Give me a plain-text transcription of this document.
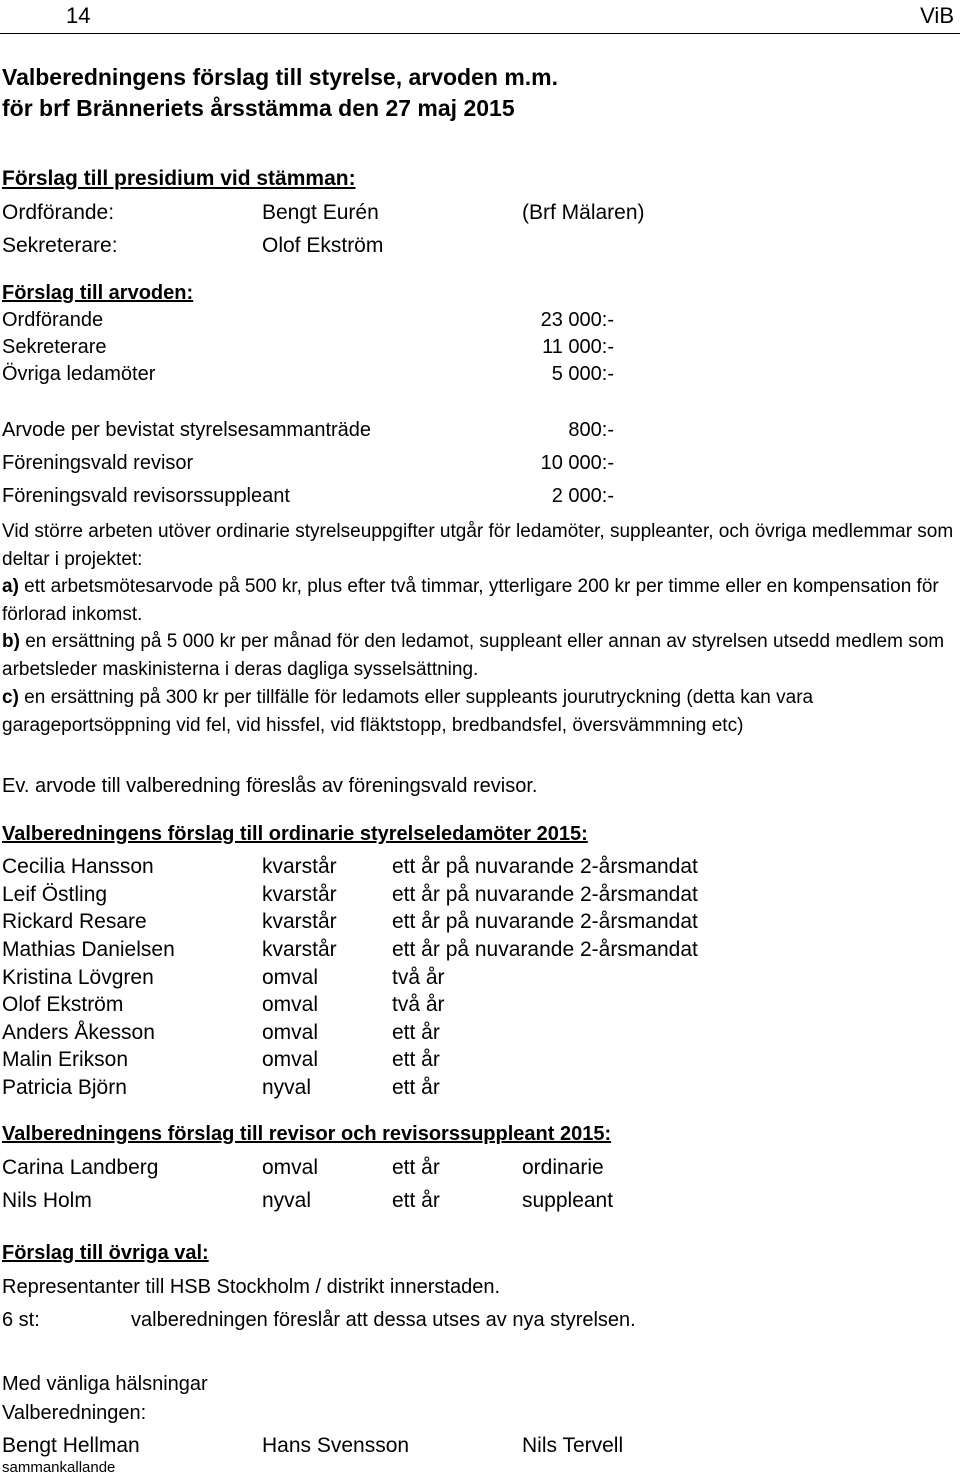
14	ViB
Valberedningens förslag till styrelse, arvoden m.m.
för brf Bränneriets årsstämma den 27 maj 2015
Förslag till presidium vid stämman:
Ordförande:	Bengt Eurén	(Brf Mälaren)
Sekreterare:	Olof Ekström
Förslag till arvoden:
Ordförande	23 000:-
Sekreterare	11 000:-
Övriga ledamöter	5 000:-
Arvode per bevistat styrelsesammanträde	800:-
Föreningsvald revisor	10 000:-
Föreningsvald revisorssuppleant	2 000:-
Vid större arbeten utöver ordinarie styrelseuppgifter utgår för ledamöter, suppleanter, och övriga medlemmar som deltar i projektet:
a) ett arbetsmötesarvode på 500 kr, plus efter två timmar, ytterligare 200 kr per timme eller en kompensation för förlorad inkomst.
b) en ersättning på 5 000 kr per månad för den ledamot, suppleant eller annan av styrelsen utsedd medlem som arbetsleder maskinisterna i deras dagliga sysselsättning.
c) en ersättning på 300 kr per tillfälle för ledamots eller suppleants jourutryckning (detta kan vara garageportsöppning vid fel, vid hissfel, vid fläktstopp, bredbandsfel, översvämmning etc)
Ev. arvode till valberedning föreslås av föreningsvald revisor.
Valberedningens förslag till ordinarie styrelseledamöter 2015:
Cecilia Hansson	kvarstår	ett år på nuvarande 2-årsmandat
Leif Östling	kvarstår	ett år på nuvarande 2-årsmandat
Rickard Resare	kvarstår	ett år på nuvarande 2-årsmandat
Mathias Danielsen	kvarstår	ett år på nuvarande 2-årsmandat
Kristina Lövgren	omval	två år
Olof Ekström	omval	två år
Anders Åkesson	omval	ett år
Malin Erikson	omval	ett år
Patricia Björn	nyval	ett år
Valberedningens förslag till revisor och revisorssuppleant 2015:
Carina Landberg	omval	ett år	ordinarie
Nils Holm	nyval	ett år	suppleant
Förslag till övriga val:
Representanter till HSB Stockholm / distrikt innerstaden.
6 st:	valberedningen föreslår att dessa utses av nya styrelsen.
Med vänliga hälsningar
Valberedningen:
Bengt Hellman	Hans Svensson	Nils Tervell
sammankallande
